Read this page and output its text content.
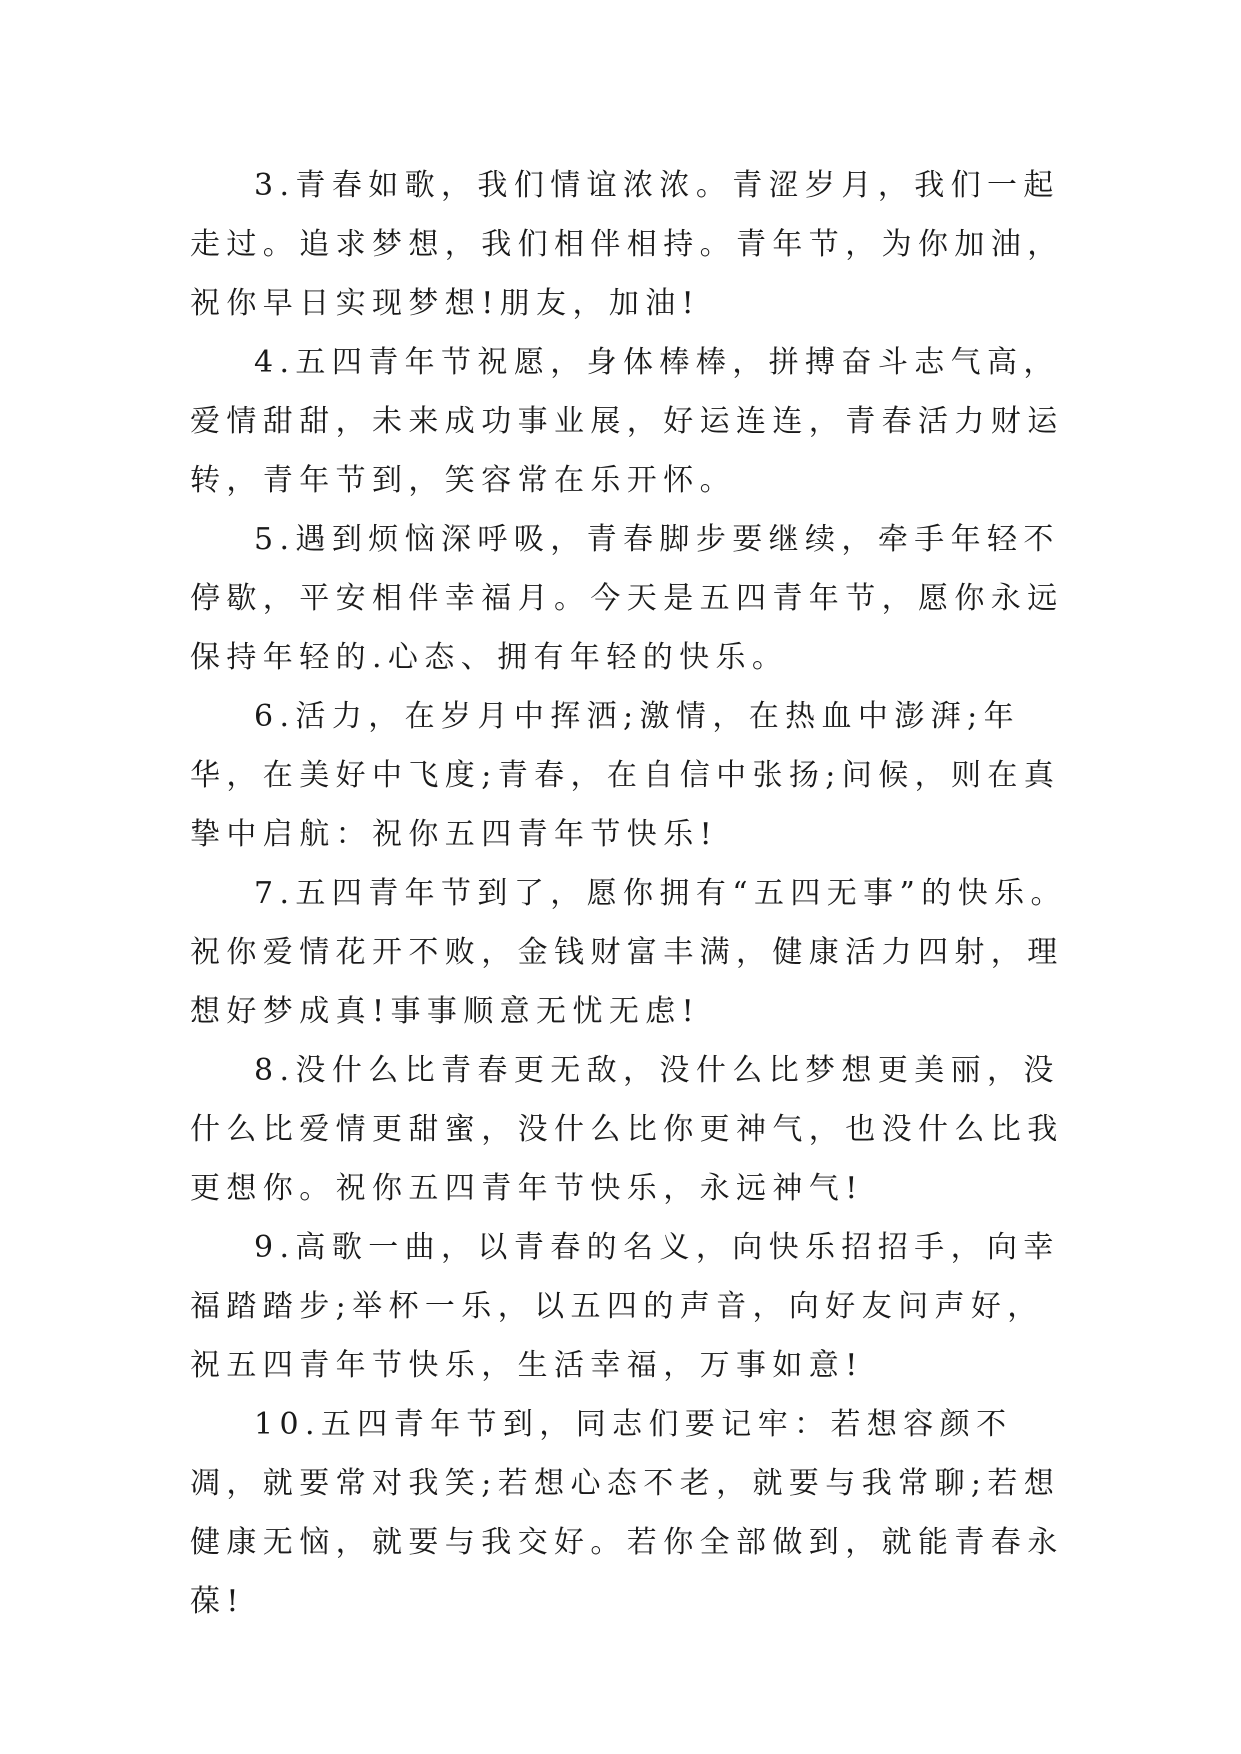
3.青春如歌，我们情谊浓浓。青涩岁月，我们一起走过。追求梦想，我们相伴相持。青年节，为你加油，祝你早日实现梦想!朋友，加油!

4.五四青年节祝愿，身体棒棒，拼搏奋斗志气高，爱情甜甜，未来成功事业展，好运连连，青春活力财运转，青年节到，笑容常在乐开怀。

5.遇到烦恼深呼吸，青春脚步要继续，牵手年轻不停歇，平安相伴幸福月。今天是五四青年节，愿你永远保持年轻的.心态、拥有年轻的快乐。

6.活力，在岁月中挥洒;激情，在热血中澎湃;年华，在美好中飞度;青春，在自信中张扬;问候，则在真挚中启航：祝你五四青年节快乐!

7.五四青年节到了，愿你拥有“五四无事”的快乐。祝你爱情花开不败，金钱财富丰满，健康活力四射，理想好梦成真!事事顺意无忧无虑!

8.没什么比青春更无敌，没什么比梦想更美丽，没什么比爱情更甜蜜，没什么比你更神气，也没什么比我更想你。祝你五四青年节快乐，永远神气!

9.高歌一曲，以青春的名义，向快乐招招手，向幸福踏踏步;举杯一乐，以五四的声音，向好友问声好，祝五四青年节快乐，生活幸福，万事如意!

10.五四青年节到，同志们要记牢：若想容颜不凋，就要常对我笑;若想心态不老，就要与我常聊;若想健康无恼，就要与我交好。若你全部做到，就能青春永葆!
